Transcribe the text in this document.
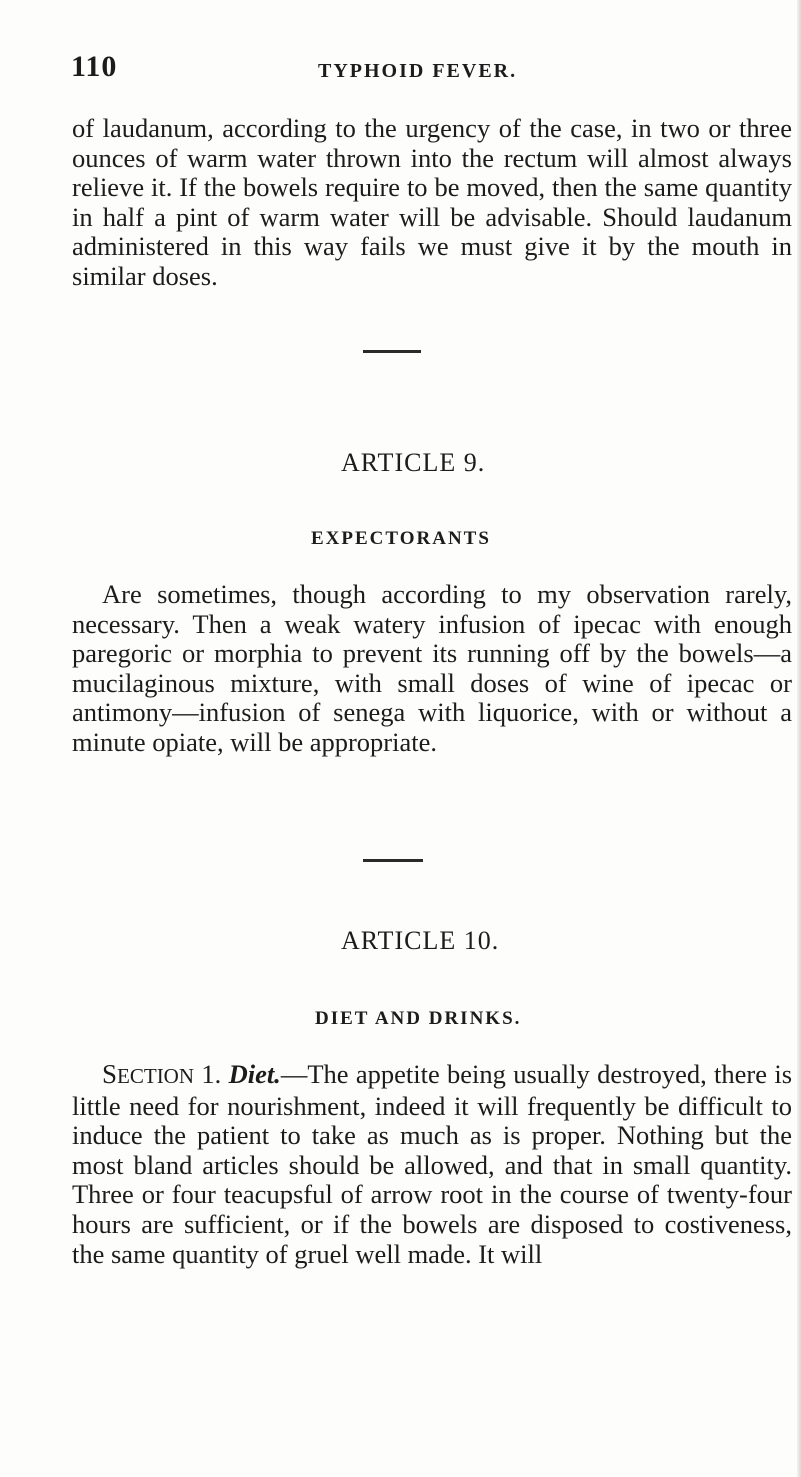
110	TYPHOID FEVER.

of laudanum, according to the urgency of the case, in two or three ounces of warm water thrown into the rectum will almost always relieve it. If the bowels require to be moved, then the same quantity in half a pint of warm water will be advisable. Should laudanum administered in this way fails we must give it by the mouth in similar doses.

ARTICLE 9.
EXPECTORANTS

Are sometimes, though according to my observation rarely, necessary. Then a weak watery infusion of ipecac with enough paregoric or morphia to prevent its running off by the bowels—a mucilaginous mixture, with small doses of wine of ipecac or antimony—infusion of senega with liquorice, with or without a minute opiate, will be appropriate.

ARTICLE 10.
DIET AND DRINKS.

SECTION 1. Diet.—The appetite being usually destroyed, there is little need for nourishment, indeed it will frequently be difficult to induce the patient to take as much as is proper. Nothing but the most bland articles should be allowed, and that in small quantity. Three or four teacupsful of arrow root in the course of twenty-four hours are sufficient, or if the bowels are disposed to costiveness, the same quantity of gruel well made. It will
